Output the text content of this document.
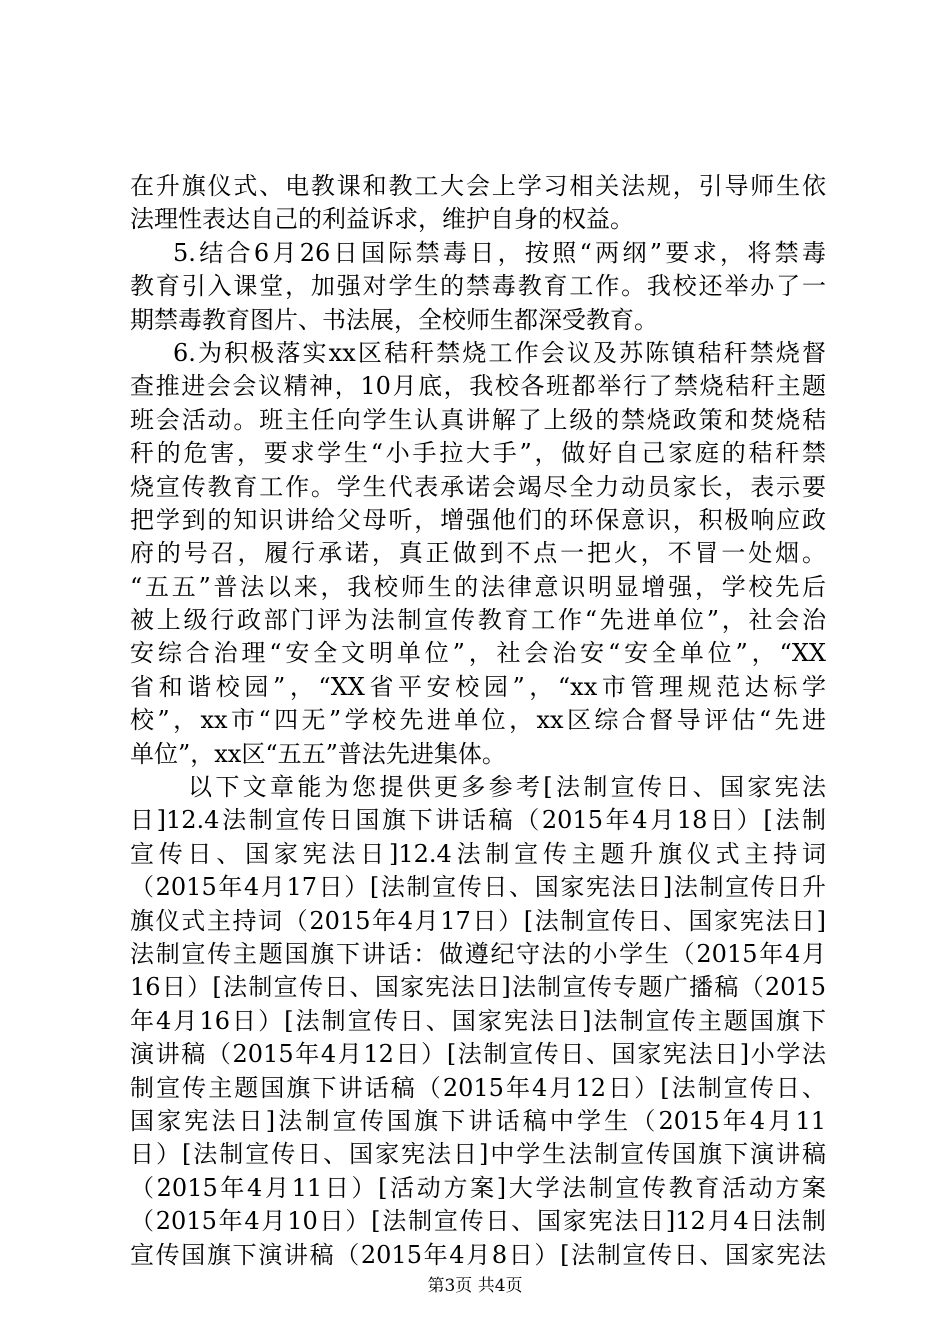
在升旗仪式、电教课和教工大会上学习相关法规，引导师生依
法理性表达自己的利益诉求，维护自身的权益。
5.结合6月26日国际禁毒日，按照“两纲”要求，将禁毒
教育引入课堂，加强对学生的禁毒教育工作。我校还举办了一
期禁毒教育图片、书法展，全校师生都深受教育。
6.为积极落实xx区秸秆禁烧工作会议及苏陈镇秸秆禁烧督
查推进会会议精神，10月底，我校各班都举行了禁烧秸秆主题
班会活动。班主任向学生认真讲解了上级的禁烧政策和焚烧秸
秆的危害，要求学生“小手拉大手”，做好自己家庭的秸秆禁
烧宣传教育工作。学生代表承诺会竭尽全力动员家长，表示要
把学到的知识讲给父母听，增强他们的环保意识，积极响应政
府的号召，履行承诺，真正做到不点一把火，不冒一处烟。
“五五”普法以来，我校师生的法律意识明显增强，学校先后
被上级行政部门评为法制宣传教育工作“先进单位”，社会治
安综合治理“安全文明单位”，社会治安“安全单位”，“XX
省和谐校园”，“XX省平安校园”，“xx市管理规范达标学
校”，xx市“四无”学校先进单位，xx区综合督导评估“先进
单位”，xx区“五五”普法先进集体。
以下文章能为您提供更多参考[法制宣传日、国家宪法
日]12.4法制宣传日国旗下讲话稿（2015年4月18日）[法制
宣传日、国家宪法日]12.4法制宣传主题升旗仪式主持词
（2015年4月17日）[法制宣传日、国家宪法日]法制宣传日升
旗仪式主持词（2015年4月17日）[法制宣传日、国家宪法日]
法制宣传主题国旗下讲话：做遵纪守法的小学生（2015年4月
16日）[法制宣传日、国家宪法日]法制宣传专题广播稿（2015
年4月16日）[法制宣传日、国家宪法日]法制宣传主题国旗下
演讲稿（2015年4月12日）[法制宣传日、国家宪法日]小学法
制宣传主题国旗下讲话稿（2015年4月12日）[法制宣传日、
国家宪法日]法制宣传国旗下讲话稿中学生（2015年4月11
日）[法制宣传日、国家宪法日]中学生法制宣传国旗下演讲稿
（2015年4月11日）[活动方案]大学法制宣传教育活动方案
（2015年4月10日）[法制宣传日、国家宪法日]12月4日法制
宣传国旗下演讲稿（2015年4月8日）[法制宣传日、国家宪法
第3页 共4页
